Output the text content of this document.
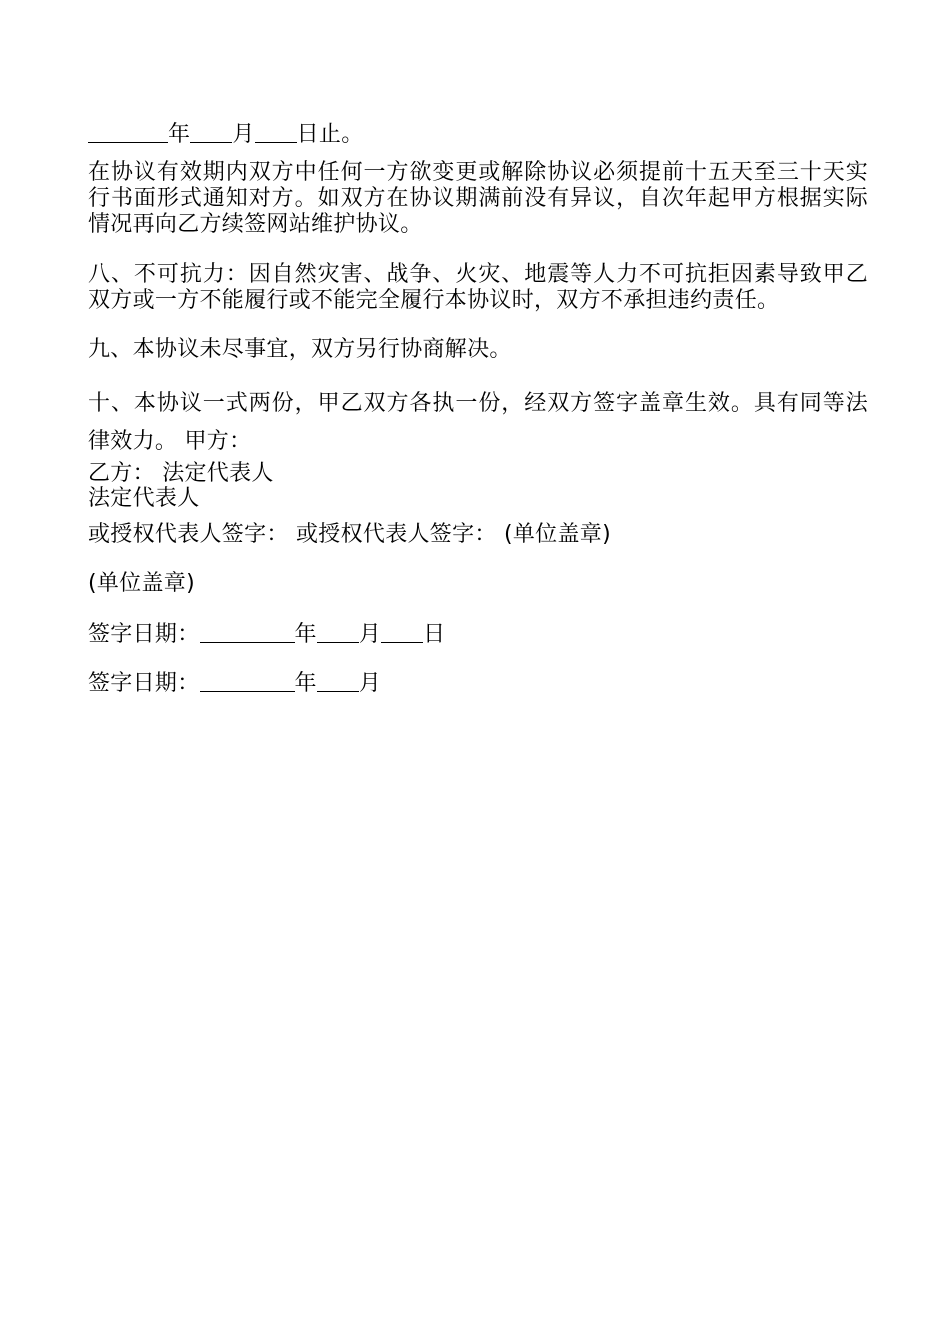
年 月 日止。
在协议有效期内双方中任何一方欲变更或解除协议必须提前十五天至三十天实行书面形式通知对方。如双方在协议期满前没有异议，自次年起甲方根据实际情况再向乙方续签网站维护协议。
八、不可抗力：因自然灾害、战争、火灾、地震等人力不可抗拒因素导致甲乙双方或一方不能履行或不能完全履行本协议时，双方不承担违约责任。
九、本协议未尽事宜，双方另行协商解决。
十、本协议一式两份，甲乙双方各执一份，经双方签字盖章生效。具有同等法律效力。 甲方：
乙方： 法定代表人
法定代表人
或授权代表人签字： 或授权代表人签字： (单位盖章)
(单位盖章)
签字日期：	年 月 日
签字日期：	年 月
